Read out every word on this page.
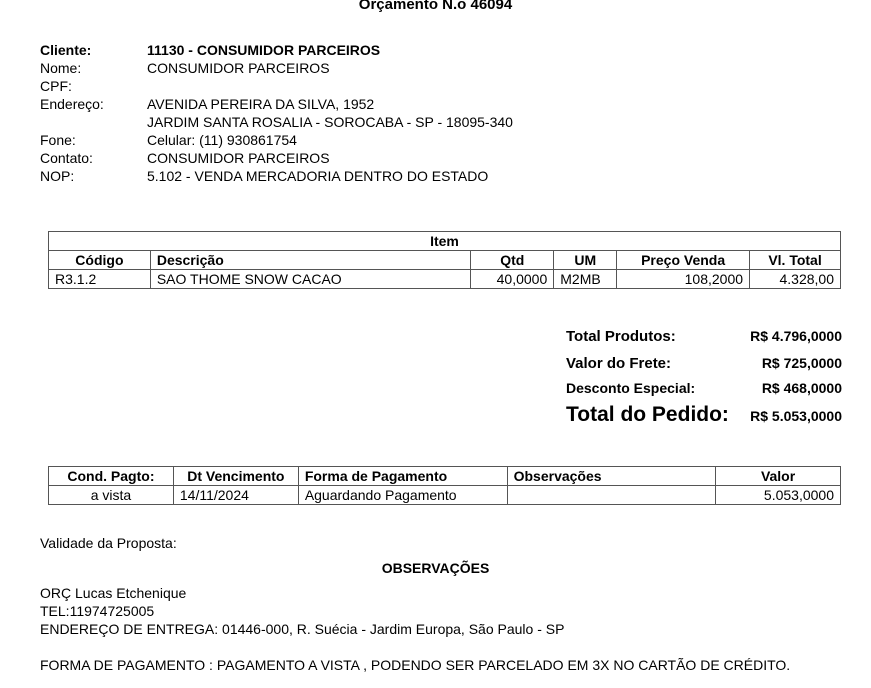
Orçamento N.o 46094
Cliente:	11130 - CONSUMIDOR PARCEIROS
Nome:	CONSUMIDOR PARCEIROS
CPF:
Endereço:	AVENIDA PEREIRA DA SILVA, 1952
JARDIM SANTA ROSALIA - SOROCABA - SP - 18095-340
Fone:	Celular: (11) 930861754
Contato:	CONSUMIDOR PARCEIROS
NOP:	5.102 - VENDA MERCADORIA DENTRO DO ESTADO
Item					
Código	Descrição	Qtd	UM	Preço Venda	Vl. Total
R3.1.2	SAO THOME SNOW CACAO	40,0000	M2MB	108,2000	4.328,00
Total Produtos:	R$ 4.796,0000
Valor do Frete:	R$ 725,0000
Desconto Especial:	R$ 468,0000
Total do Pedido: R$ 5.053,0000
Cond. Pagto:	Dt Vencimento	Forma de Pagamento	Observações	Valor
a vista	14/11/2024	Aguardando Pagamento		5.053,0000
Validade da Proposta:
OBSERVAÇÕES
ORÇ Lucas Etchenique
TEL:11974725005
ENDEREÇO DE ENTREGA: 01446-000, R. Suécia - Jardim Europa, São Paulo - SP
FORMA DE PAGAMENTO : PAGAMENTO A VISTA , PODENDO SER PARCELADO EM 3X NO CARTÃO DE CRÉDITO.
